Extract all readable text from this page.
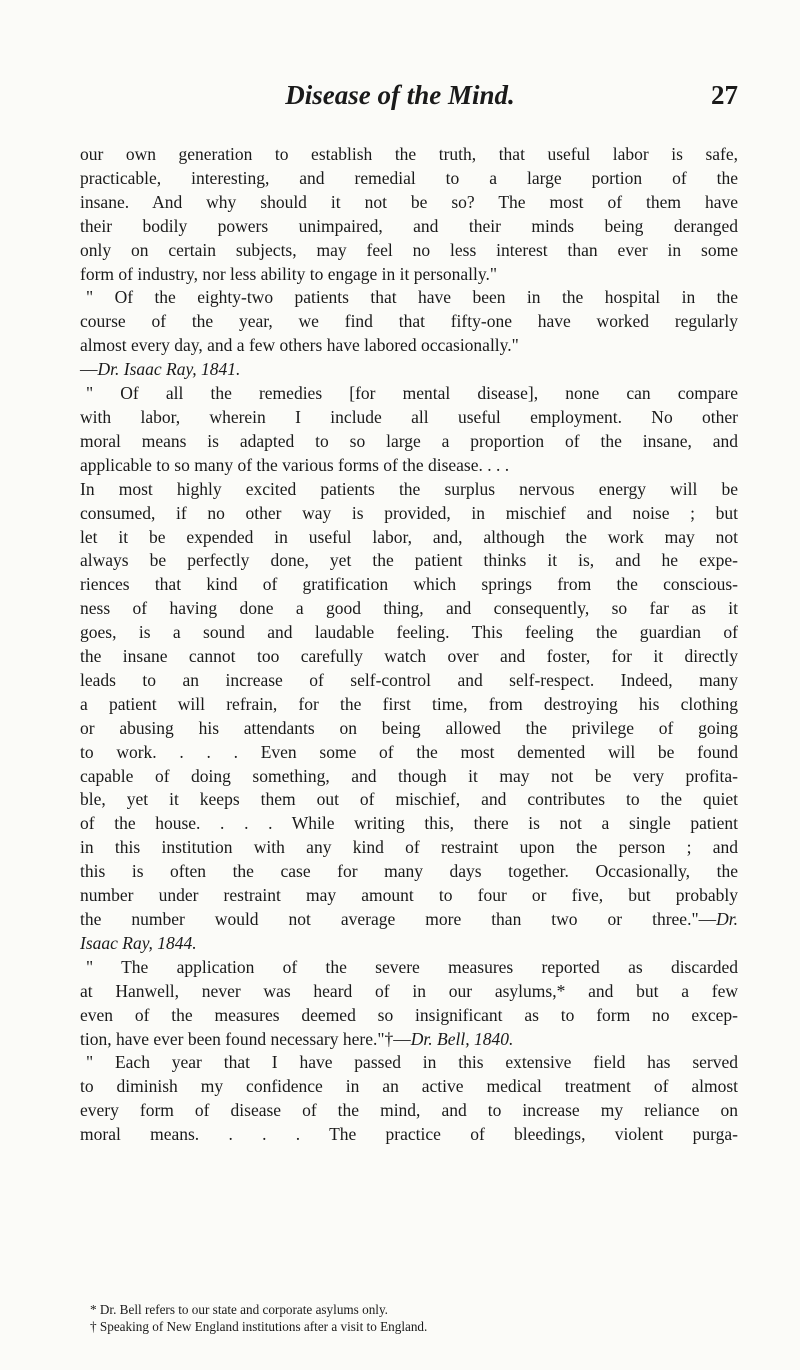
Disease of the Mind.	27
our own generation to establish the truth, that useful labor is safe,
practicable, interesting, and remedial to a large portion of the
insane. And why should it not be so? The most of them have
their bodily powers unimpaired, and their minds being deranged
only on certain subjects, may feel no less interest than ever in some
form of industry, nor less ability to engage in it personally."
" Of the eighty-two patients that have been in the hospital in the
course of the year, we find that fifty-one have worked regularly
almost every day, and a few others have labored occasionally."
—Dr. Isaac Ray, 1841.
" Of all the remedies [for mental disease], none can compare
with labor, wherein I include all useful employment. No other
moral means is adapted to so large a proportion of the insane, and
applicable to so many of the various forms of the disease. . . .
In most highly excited patients the surplus nervous energy will be
consumed, if no other way is provided, in mischief and noise ; but
let it be expended in useful labor, and, although the work may not
always be perfectly done, yet the patient thinks it is, and he expe-
riences that kind of gratification which springs from the conscious-
ness of having done a good thing, and consequently, so far as it
goes, is a sound and laudable feeling. This feeling the guardian of
the insane cannot too carefully watch over and foster, for it directly
leads to an increase of self-control and self-respect. Indeed, many
a patient will refrain, for the first time, from destroying his clothing
or abusing his attendants on being allowed the privilege of going
to work. . . . Even some of the most demented will be found
capable of doing something, and though it may not be very profita-
ble, yet it keeps them out of mischief, and contributes to the quiet
of the house. . . . While writing this, there is not a single patient
in this institution with any kind of restraint upon the person ; and
this is often the case for many days together. Occasionally, the
number under restraint may amount to four or five, but probably
the number would not average more than two or three."—Dr.
Isaac Ray, 1844.
" The application of the severe measures reported as discarded
at Hanwell, never was heard of in our asylums,* and but a few
even of the measures deemed so insignificant as to form no excep-
tion, have ever been found necessary here."†—Dr. Bell, 1840.
" Each year that I have passed in this extensive field has served
to diminish my confidence in an active medical treatment of almost
every form of disease of the mind, and to increase my reliance on
moral means. . . . The practice of bleedings, violent purga-
* Dr. Bell refers to our state and corporate asylums only.
† Speaking of New England institutions after a visit to England.
